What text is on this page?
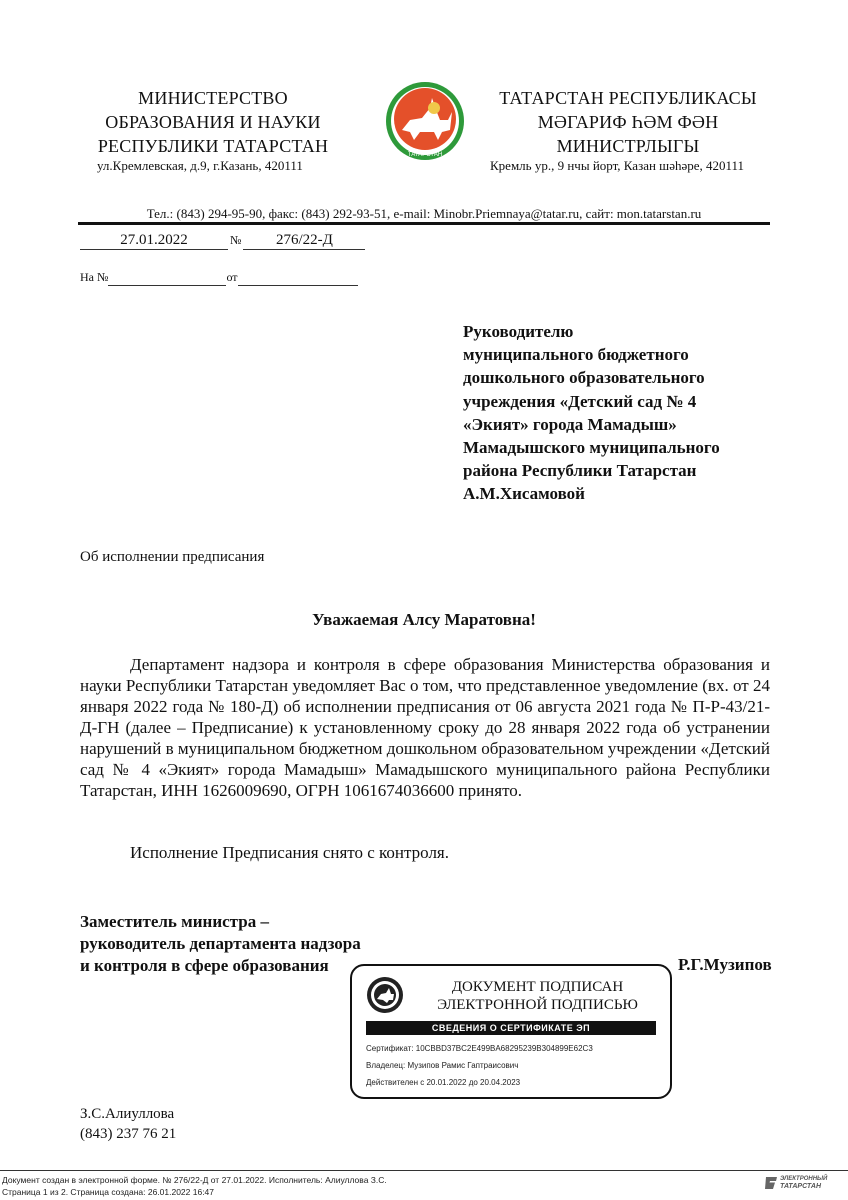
МИНИСТЕРСТВО
ОБРАЗОВАНИЯ И НАУКИ
РЕСПУБЛИКИ ТАТАРСТАН
ул.Кремлевская, д.9, г.Казань, 420111
ТАТАРСТАН
ТАТАРСТАН РЕСПУБЛИКАСЫ
МӘГАРИФ ҺӘМ ФӘН
МИНИСТРЛЫГЫ
Кремль ур., 9 нчы йорт, Казан шәһәре, 420111
Тел.: (843) 294-95-90, факс: (843) 292-93-51, e-mail: Minobr.Priemnaya@tatar.ru, сайт: mon.tatarstan.ru
27.01.2022	№ 276/22-Д
На №	от
Руководителю
муниципального бюджетного
дошкольного образовательного
учреждения «Детский сад № 4
«Экият» города Мамадыш»
Мамадышского муниципального
района Республики Татарстан
А.М.Хисамовой
Об исполнении предписания
Уважаемая Алсу Маратовна!
Департамент надзора и контроля в сфере образования Министерства образования и науки Республики Татарстан уведомляет Вас о том, что представленное уведомление (вх. от 24 января 2022 года № 180-Д) об исполнении предписания от 06 августа 2021 года № П-Р-43/21-Д-ГН (далее – Предписание) к установленному сроку до 28 января 2022 года об устранении нарушений в муниципальном бюджетном дошкольном образовательном учреждении «Детский сад № 4 «Экият» города Мамадыш» Мамадышского муниципального района Республики Татарстан, ИНН 1626009690, ОГРН 1061674036600 принято.
Исполнение Предписания снято с контроля.
Заместитель министра –
руководитель департамента надзора
и контроля в сфере образования	Р.Г.Музипов
ДОКУМЕНТ ПОДПИСАН
ЭЛЕКТРОННОЙ ПОДПИСЬЮ
СВЕДЕНИЯ О СЕРТИФИКАТЕ ЭП
Сертификат: 10CBBD37BC2E499BA68295239B304899E62C3
Владелец: Музипов Рамис Гаптраисович
Действителен с 20.01.2022 до 20.04.2023
З.С.Алиуллова
(843) 237 76 21
Документ создан в электронной форме. № 276/22-Д от 27.01.2022. Исполнитель: Алиуллова З.С.
Страница 1 из 2. Страница создана: 26.01.2022 16:47
ЭЛЕКТРОННЫЙ
ТАТАРСТАН
